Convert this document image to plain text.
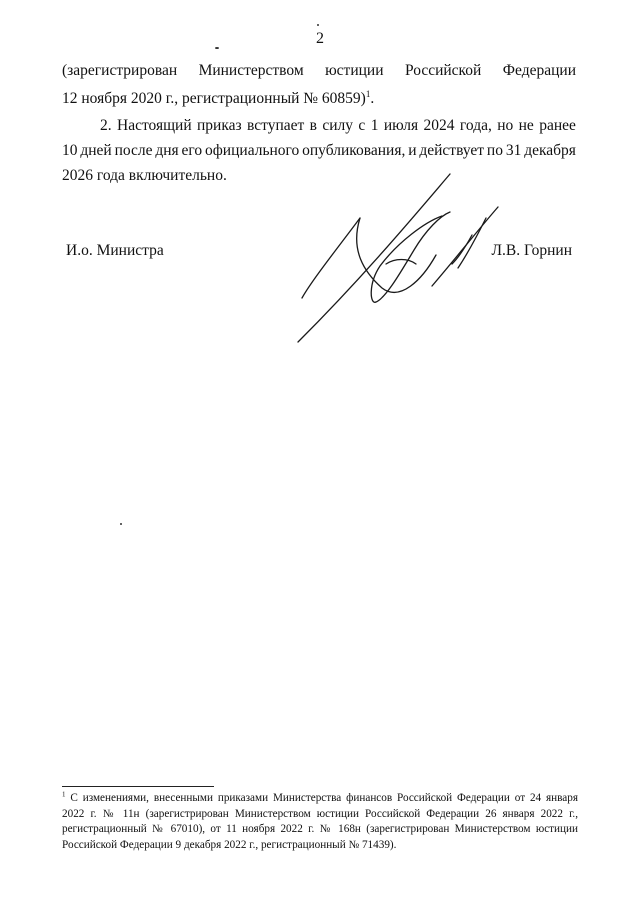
2
(зарегистрирован Министерством юстиции Российской Федерации
12 ноября 2020 г., регистрационный № 60859)$^1$.
2. Настоящий приказ вступает в силу с 1 июля 2024 года, но не ранее
10 дней после дня его официального опубликования, и действует по 31 декабря
2026 года включительно.
И.о. Министра	Л.В. Горнин
$^1$ С изменениями, внесенными приказами Министерства финансов Российской Федерации от 24 января 2022 г. № 11н (зарегистрирован Министерством юстиции Российской Федерации 26 января 2022 г., регистрационный № 67010), от 11 ноября 2022 г. № 168н (зарегистрирован Министерством юстиции Российской Федерации 9 декабря 2022 г., регистрационный № 71439).
